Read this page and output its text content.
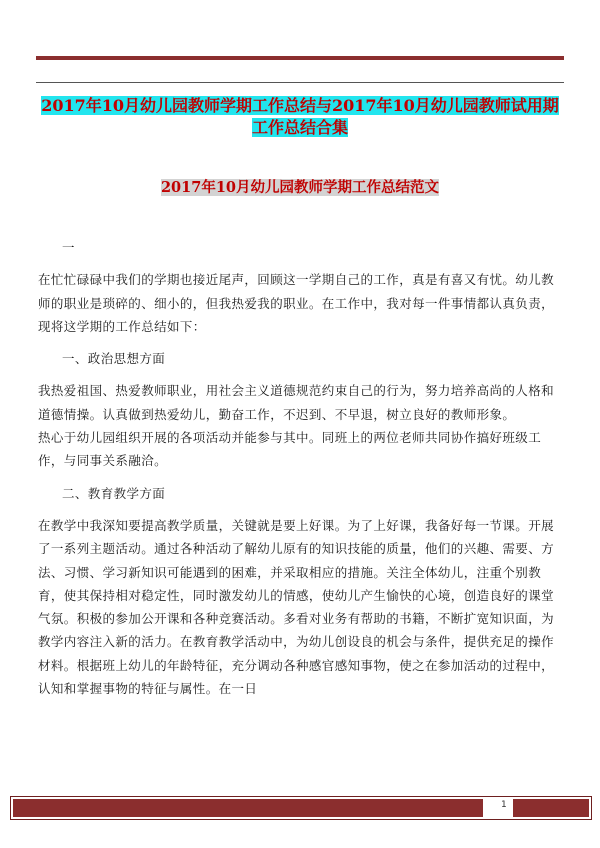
2017年10月幼儿园教师学期工作总结与2017年10月幼儿园教师试用期工作总结合集
2017年10月幼儿园教师学期工作总结范文

一

在忙忙碌碌中我们的学期也接近尾声，回顾这一学期自己的工作，真是有喜又有忧。幼儿教师的职业是琐碎的、细小的，但我热爱我的职业。在工作中，我对每一件事情都认真负责，现将这学期的工作总结如下：

一、政治思想方面

我热爱祖国、热爱教师职业，用社会主义道德规范约束自己的行为，努力培养高尚的人格和道德情操。认真做到热爱幼儿，勤奋工作，不迟到、不早退，树立良好的教师形象。

热心于幼儿园组织开展的各项活动并能参与其中。同班上的两位老师共同协作搞好班级工作，与同事关系融洽。

二、教育教学方面

在教学中我深知要提高教学质量，关键就是要上好课。为了上好课，我备好每一节课。开展了一系列主题活动。通过各种活动了解幼儿原有的知识技能的质量，他们的兴趣、需要、方法、习惯、学习新知识可能遇到的困难，并采取相应的措施。关注全体幼儿，注重个别教育，使其保持相对稳定性，同时激发幼儿的情感，使幼儿产生愉快的心境，创造良好的课堂气氛。积极的参加公开课和各种竞赛活动。多看对业务有帮助的书籍，不断扩宽知识面，为教学内容注入新的活力。在教育教学活动中，为幼儿创设良的机会与条件，提供充足的操作材料。根据班上幼儿的年龄特征，充分调动各种感官感知事物，使之在参加活动的过程中，认知和掌握事物的特征与属性。在一日

1
